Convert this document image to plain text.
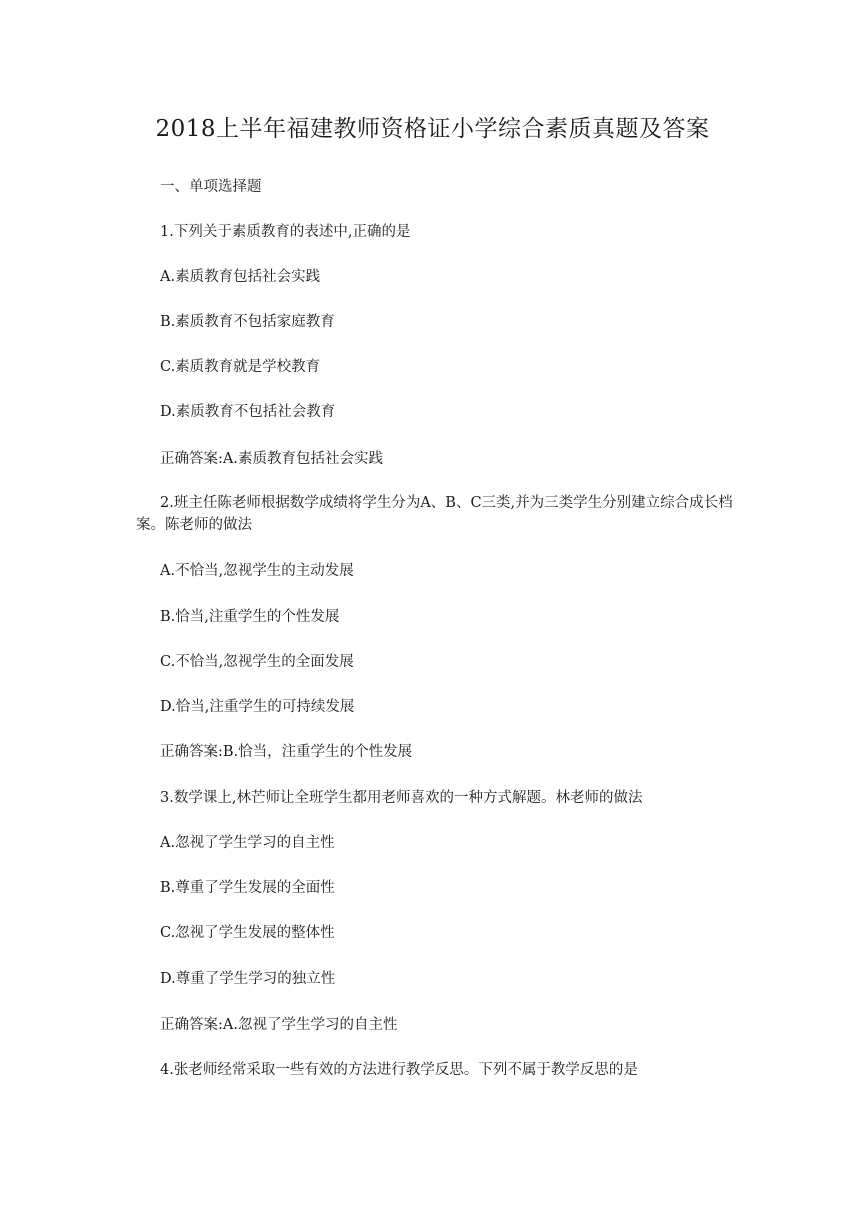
2018上半年福建教师资格证小学综合素质真题及答案
一、单项选择题
1.下列关于素质教育的表述中,正确的是
A.素质教育包括社会实践
B.素质教育不包括家庭教育
C.素质教育就是学校教育
D.素质教育不包括社会教育
正确答案:A.素质教育包括社会实践
2.班主任陈老师根据数学成绩将学生分为A、B、C三类,并为三类学生分别建立综合成长档案。陈老师的做法
A.不恰当,忽视学生的主动发展
B.恰当,注重学生的个性发展
C.不恰当,忽视学生的全面发展
D.恰当,注重学生的可持续发展
正确答案:B.恰当，注重学生的个性发展
3.数学课上,林芒师让全班学生都用老师喜欢的一种方式解题。林老师的做法
A.忽视了学生学习的自主性
B.尊重了学生发展的全面性
C.忽视了学生发展的整体性
D.尊重了学生学习的独立性
正确答案:A.忽视了学生学习的自主性
4.张老师经常采取一些有效的方法进行教学反思。下列不属于教学反思的是
